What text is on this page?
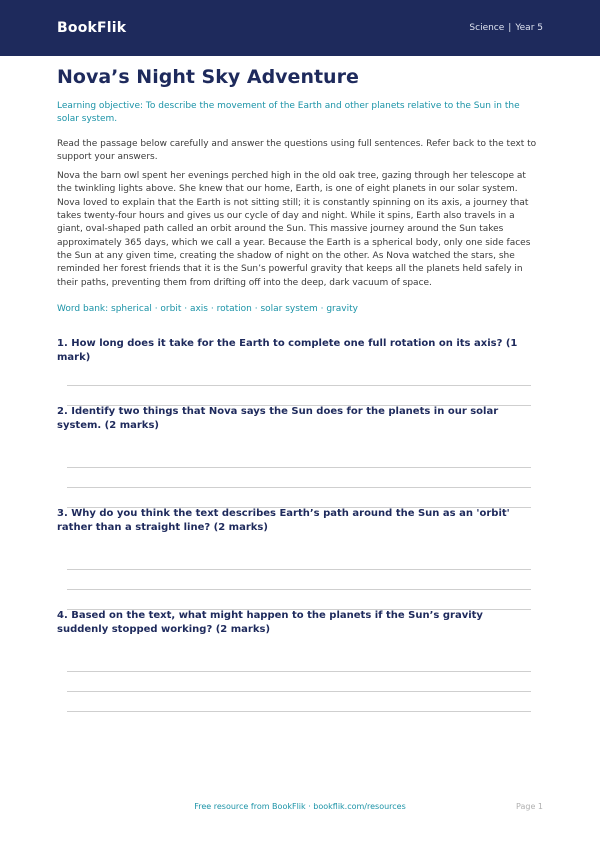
BookFlik	Science | Year 5
Nova’s Night Sky Adventure
Learning objective: To describe the movement of the Earth and other planets relative to the Sun in the solar system.
Read the passage below carefully and answer the questions using full sentences. Refer back to the text to support your answers.
Nova the barn owl spent her evenings perched high in the old oak tree, gazing through her telescope at the twinkling lights above. She knew that our home, Earth, is one of eight planets in our solar system. Nova loved to explain that the Earth is not sitting still; it is constantly spinning on its axis, a journey that takes twenty-four hours and gives us our cycle of day and night. While it spins, Earth also travels in a giant, oval-shaped path called an orbit around the Sun. This massive journey around the Sun takes approximately 365 days, which we call a year. Because the Earth is a spherical body, only one side faces the Sun at any given time, creating the shadow of night on the other. As Nova watched the stars, she reminded her forest friends that it is the Sun’s powerful gravity that keeps all the planets held safely in their paths, preventing them from drifting off into the deep, dark vacuum of space.
Word bank: spherical · orbit · axis · rotation · solar system · gravity
1. How long does it take for the Earth to complete one full rotation on its axis? (1 mark)
2. Identify two things that Nova says the Sun does for the planets in our solar system. (2 marks)
3. Why do you think the text describes Earth’s path around the Sun as an 'orbit' rather than a straight line? (2 marks)
4. Based on the text, what might happen to the planets if the Sun’s gravity suddenly stopped working? (2 marks)
Free resource from BookFlik · bookflik.com/resources	Page 1
